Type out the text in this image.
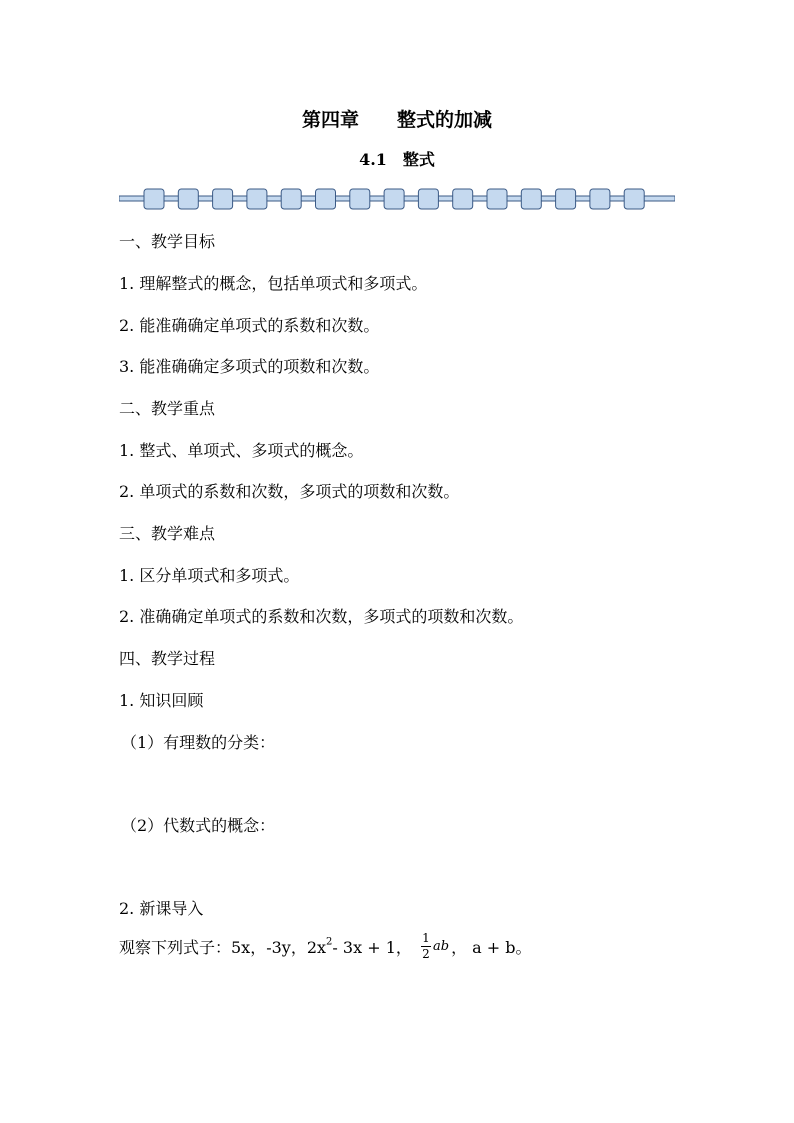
第四章　　整式的加减
4.1　整式
一、教学目标
1. 理解整式的概念，包括单项式和多项式。
2. 能准确确定单项式的系数和次数。
3. 能准确确定多项式的项数和次数。
二、教学重点
1. 整式、单项式、多项式的概念。
2. 单项式的系数和次数，多项式的项数和次数。
三、教学难点
1. 区分单项式和多项式。
2. 准确确定单项式的系数和次数，多项式的项数和次数。
四、教学过程
1. 知识回顾
（1）有理数的分类：
（2）代数式的概念：
2. 新课导入
观察下列式子：5x，-3y，$2x^2-$ 3x + 1， $\frac{1}{2}$ ab ， a + b。
